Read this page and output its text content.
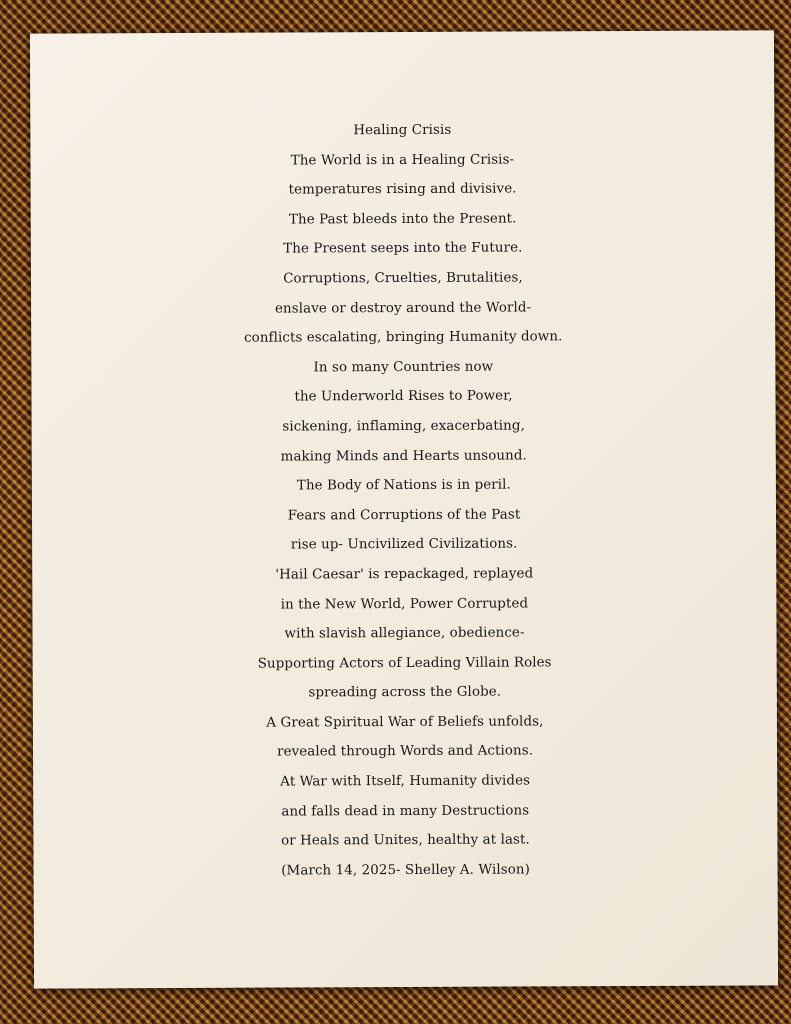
Healing Crisis
The World is in a Healing Crisis-
temperatures rising and divisive.
The Past bleeds into the Present.
The Present seeps into the Future.
Corruptions, Cruelties, Brutalities,
enslave or destroy around the World-
conflicts escalating, bringing Humanity down.
In so many Countries now
the Underworld Rises to Power,
sickening, inflaming, exacerbating,
making Minds and Hearts unsound.
The Body of Nations is in peril.
Fears and Corruptions of the Past
rise up- Uncivilized Civilizations.
'Hail Caesar' is repackaged, replayed
in the New World, Power Corrupted
with slavish allegiance, obedience-
Supporting Actors of Leading Villain Roles
spreading across the Globe.
A Great Spiritual War of Beliefs unfolds,
revealed through Words and Actions.
At War with Itself, Humanity divides
and falls dead in many Destructions
or Heals and Unites, healthy at last.
(March 14, 2025- Shelley A. Wilson)
